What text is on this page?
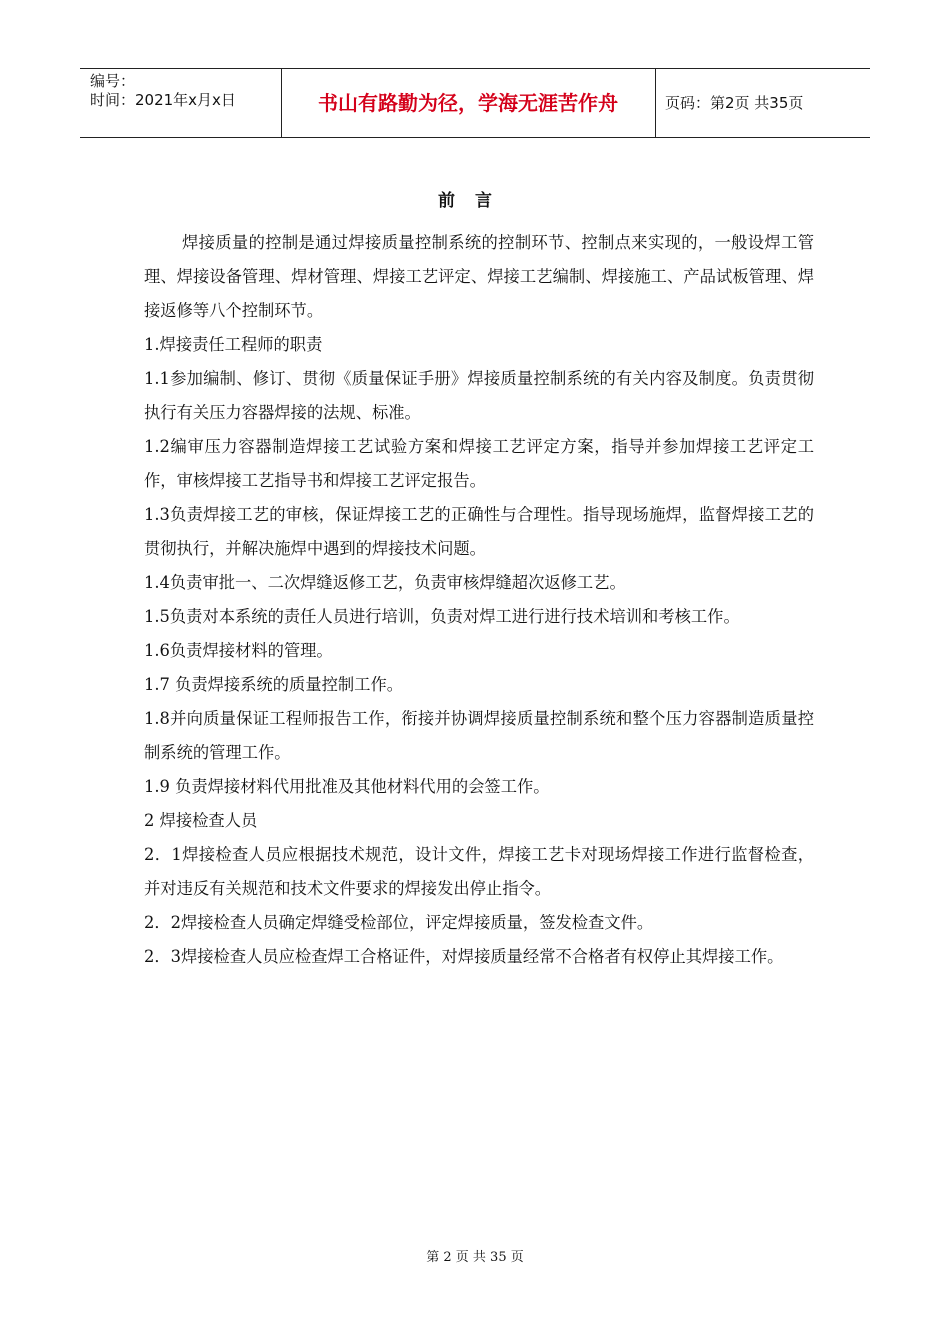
编号：
时间：2021年x月x日	书山有路勤为径，学海无涯苦作舟	页码：第2页 共35页
前言

焊接质量的控制是通过焊接质量控制系统的控制环节、控制点来实现的，一般设焊工管理、焊接设备管理、焊材管理、焊接工艺评定、焊接工艺编制、焊接施工、产品试板管理、焊接返修等八个控制环节。

1.焊接责任工程师的职责

1.1参加编制、修订、贯彻《质量保证手册》焊接质量控制系统的有关内容及制度。负责贯彻执行有关压力容器焊接的法规、标准。

1.2编审压力容器制造焊接工艺试验方案和焊接工艺评定方案，指导并参加焊接工艺评定工作，审核焊接工艺指导书和焊接工艺评定报告。

1.3负责焊接工艺的审核，保证焊接工艺的正确性与合理性。指导现场施焊，监督焊接工艺的贯彻执行，并解决施焊中遇到的焊接技术问题。

1.4负责审批一、二次焊缝返修工艺，负责审核焊缝超次返修工艺。

1.5负责对本系统的责任人员进行培训，负责对焊工进行进行技术培训和考核工作。

1.6负责焊接材料的管理。

1.7 负责焊接系统的质量控制工作。

1.8并向质量保证工程师报告工作，衔接并协调焊接质量控制系统和整个压力容器制造质量控制系统的管理工作。

1.9 负责焊接材料代用批准及其他材料代用的会签工作。

2 焊接检查人员

2．1焊接检查人员应根据技术规范，设计文件，焊接工艺卡对现场焊接工作进行监督检查，并对违反有关规范和技术文件要求的焊接发出停止指令。

2．2焊接检查人员确定焊缝受检部位，评定焊接质量，签发检查文件。

2．3焊接检查人员应检查焊工合格证件，对焊接质量经常不合格者有权停止其焊接工作。

第 2 页 共 35 页
